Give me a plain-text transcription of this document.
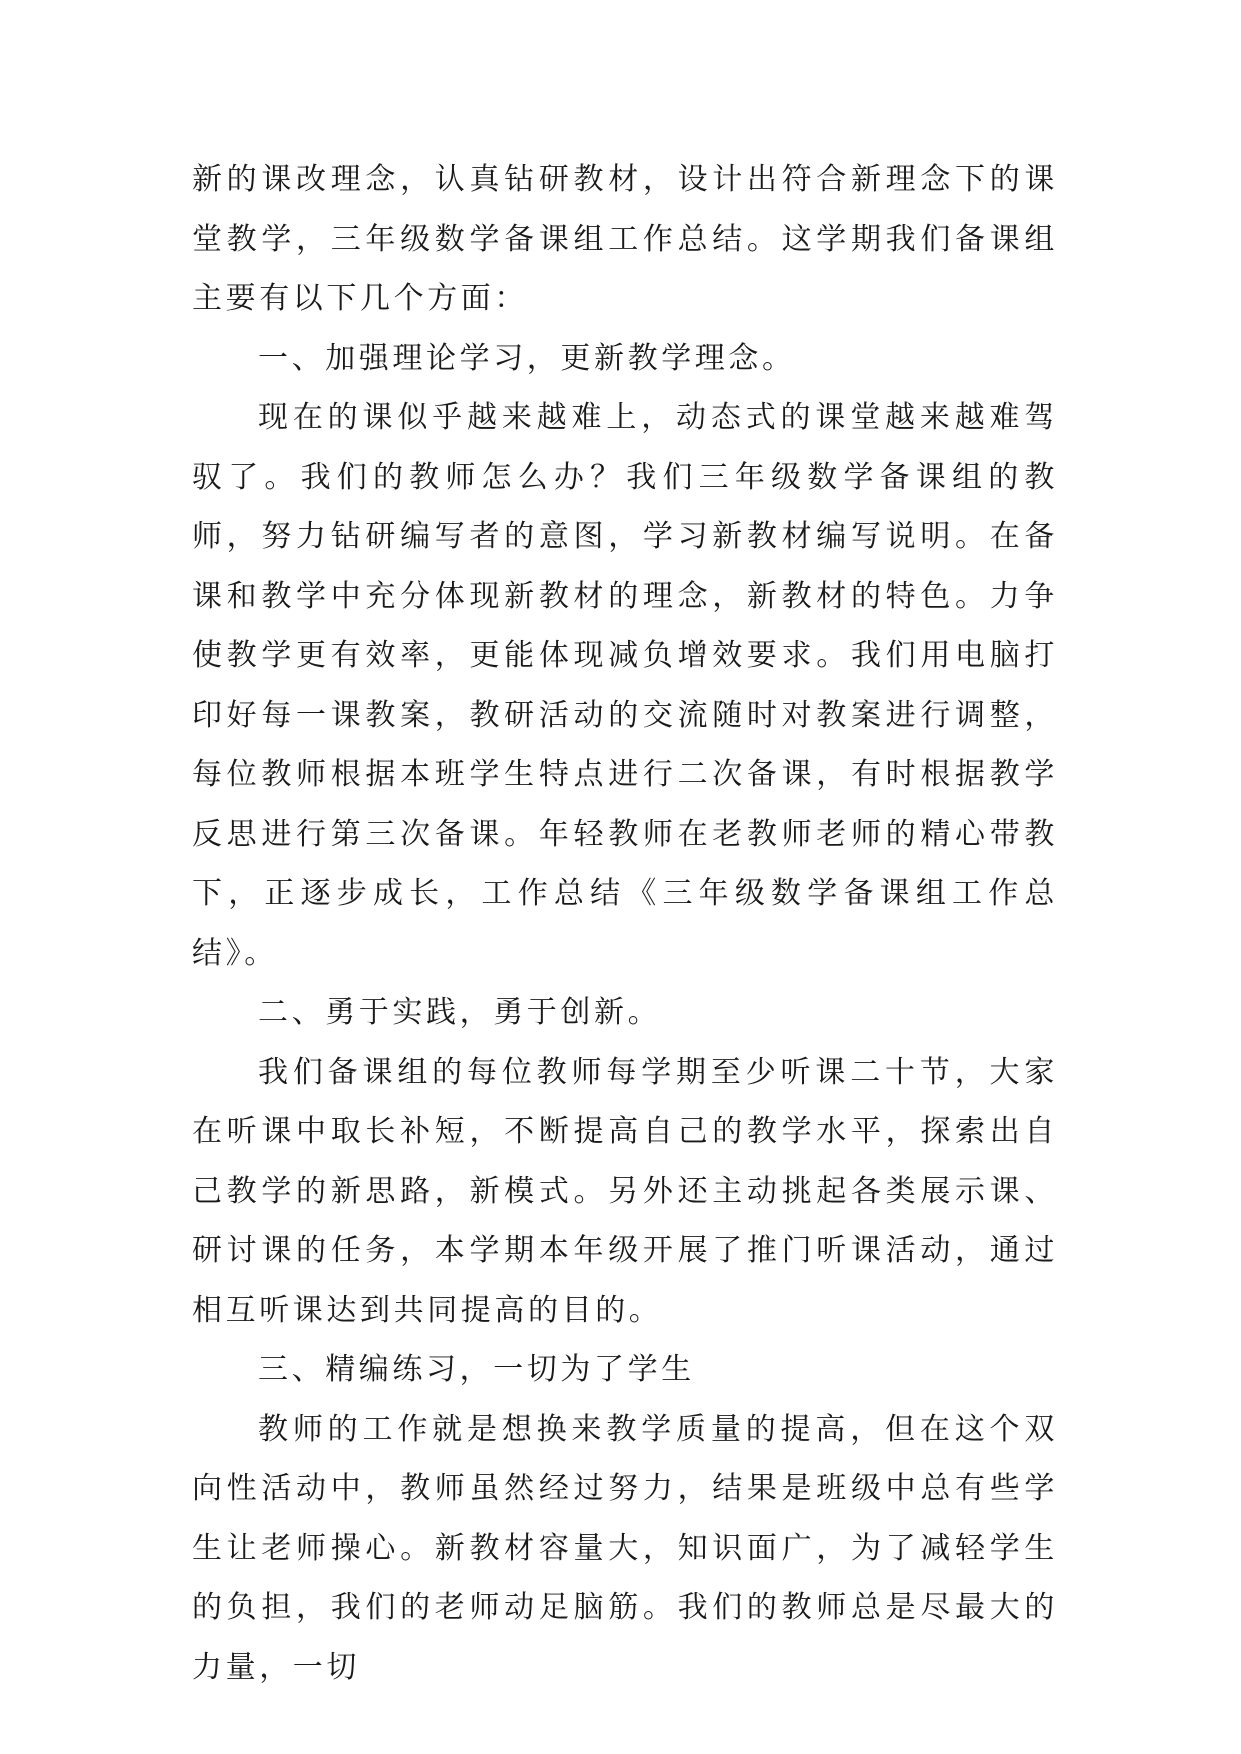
新的课改理念，认真钻研教材，设计出符合新理念下的课堂教学，三年级数学备课组工作总结。这学期我们备课组主要有以下几个方面：

一、加强理论学习，更新教学理念。

现在的课似乎越来越难上，动态式的课堂越来越难驾驭了。我们的教师怎么办？我们三年级数学备课组的教师，努力钻研编写者的意图，学习新教材编写说明。在备课和教学中充分体现新教材的理念，新教材的特色。力争使教学更有效率，更能体现减负增效要求。我们用电脑打印好每一课教案，教研活动的交流随时对教案进行调整，每位教师根据本班学生特点进行二次备课，有时根据教学反思进行第三次备课。年轻教师在老教师老师的精心带教下，正逐步成长，工作总结《三年级数学备课组工作总结》。

二、勇于实践，勇于创新。

我们备课组的每位教师每学期至少听课二十节，大家在听课中取长补短，不断提高自己的教学水平，探索出自己教学的新思路，新模式。另外还主动挑起各类展示课、研讨课的任务，本学期本年级开展了推门听课活动，通过相互听课达到共同提高的目的。

三、精编练习，一切为了学生

教师的工作就是想换来教学质量的提高，但在这个双向性活动中，教师虽然经过努力，结果是班级中总有些学生让老师操心。新教材容量大，知识面广，为了减轻学生的负担，我们的老师动足脑筋。我们的教师总是尽最大的力量，一切
